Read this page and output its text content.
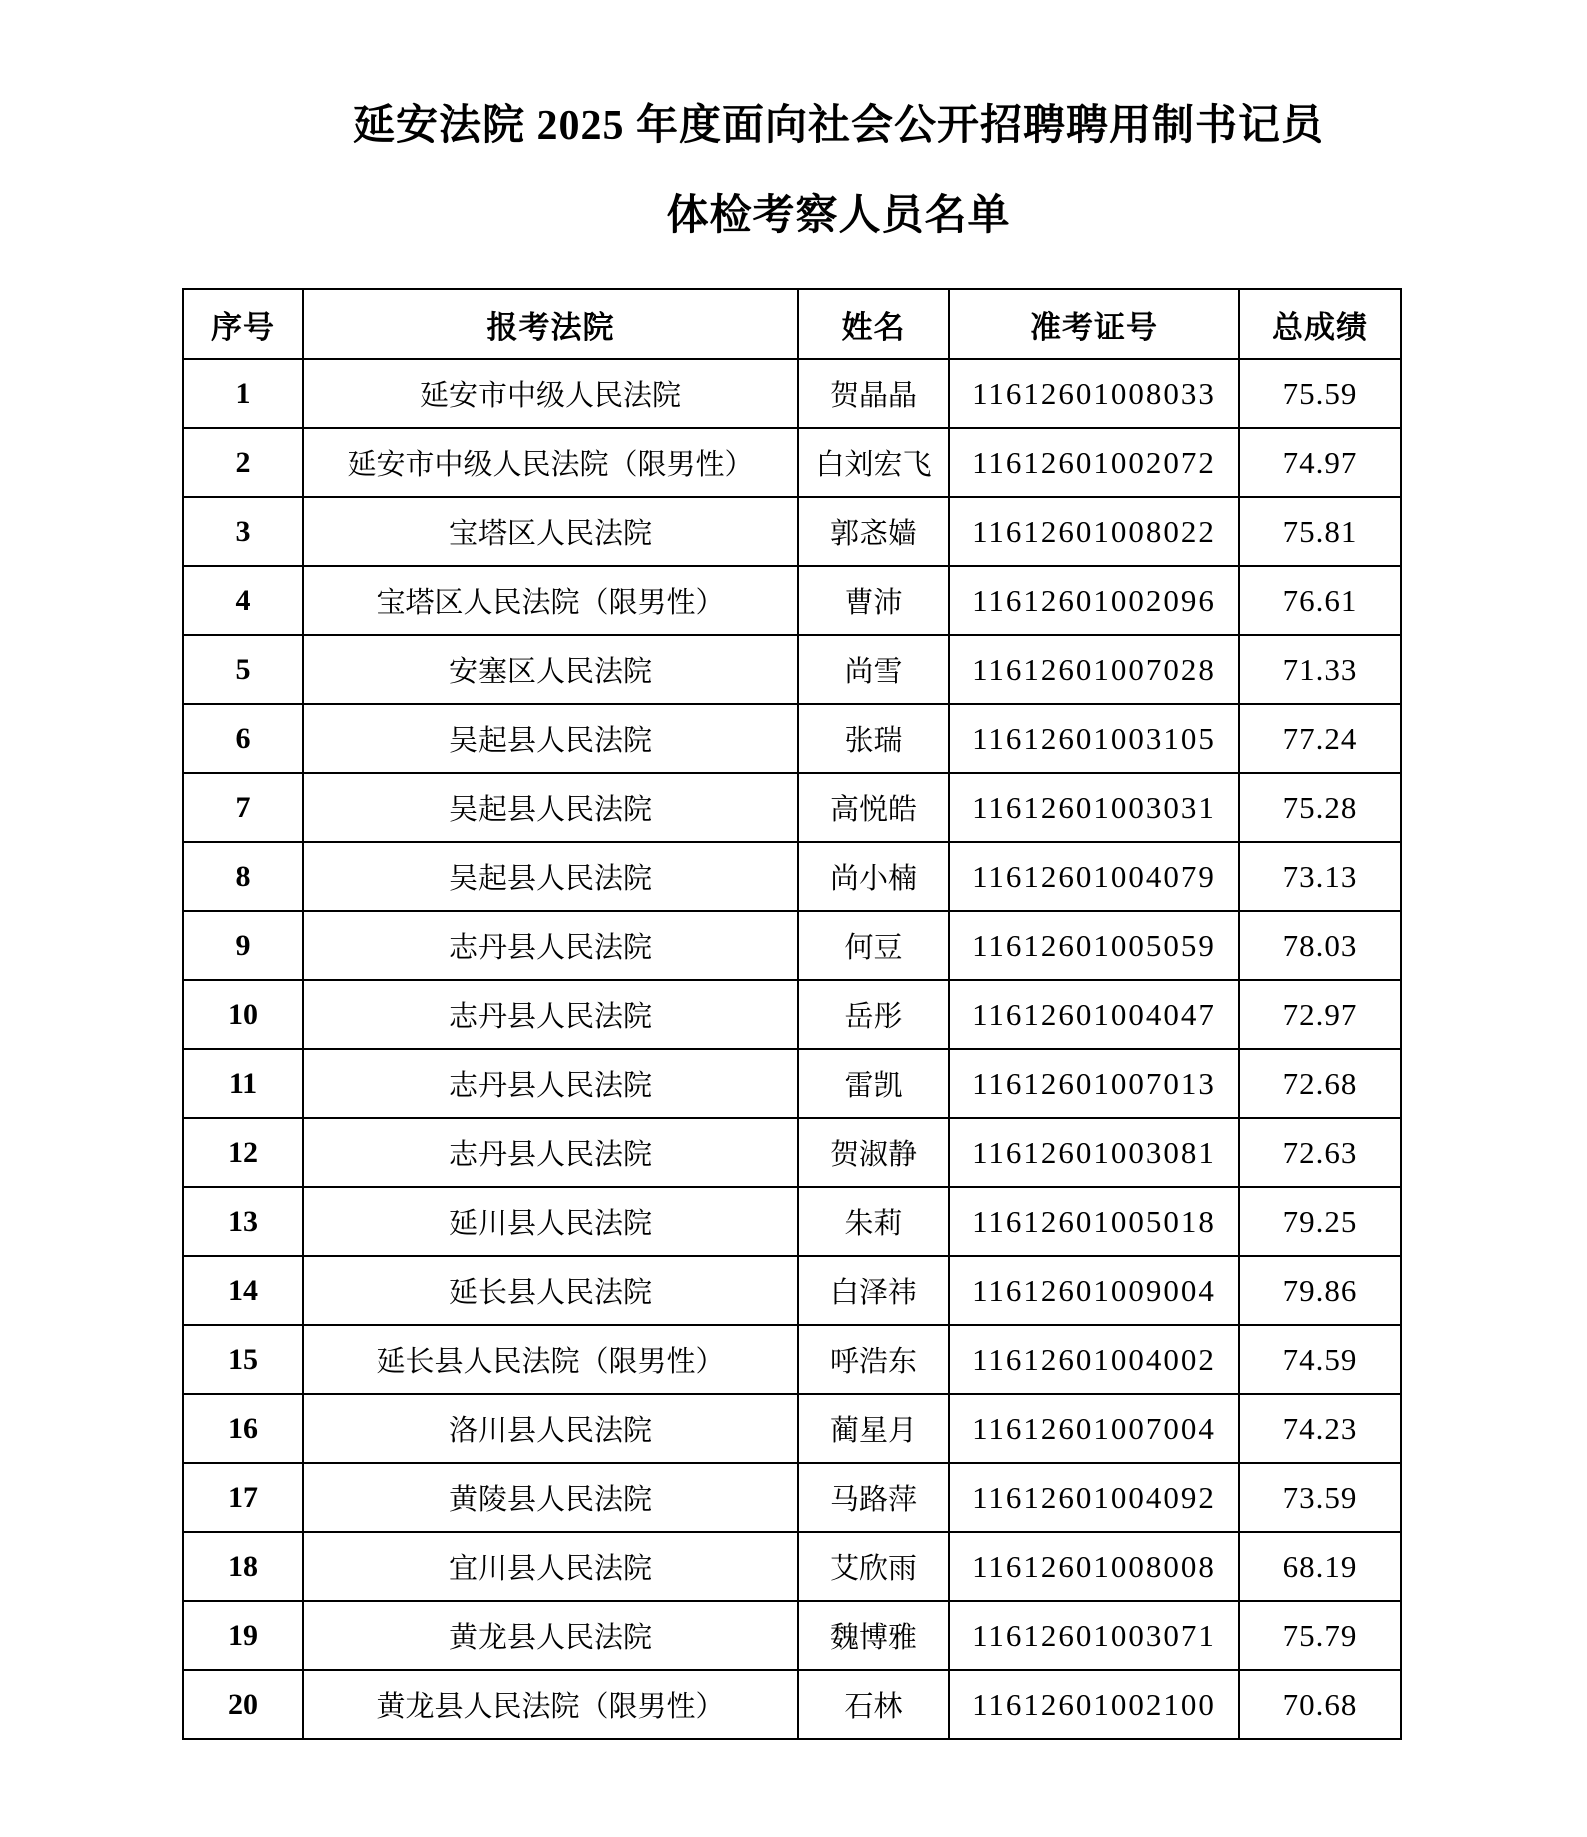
延安法院 2025 年度面向社会公开招聘聘用制书记员
体检考察人员名单
序号	报考法院	姓名	准考证号	总成绩
1	延安市中级人民法院	贺晶晶	11612601008033	75.59
2	延安市中级人民法院（限男性）	白刘宏飞	11612601002072	74.97
3	宝塔区人民法院	郭忞嫱	11612601008022	75.81
4	宝塔区人民法院（限男性）	曹沛	11612601002096	76.61
5	安塞区人民法院	尚雪	11612601007028	71.33
6	吴起县人民法院	张瑞	11612601003105	77.24
7	吴起县人民法院	高悦皓	11612601003031	75.28
8	吴起县人民法院	尚小楠	11612601004079	73.13
9	志丹县人民法院	何豆	11612601005059	78.03
10	志丹县人民法院	岳彤	11612601004047	72.97
11	志丹县人民法院	雷凯	11612601007013	72.68
12	志丹县人民法院	贺淑静	11612601003081	72.63
13	延川县人民法院	朱莉	11612601005018	79.25
14	延长县人民法院	白泽祎	11612601009004	79.86
15	延长县人民法院（限男性）	呼浩东	11612601004002	74.59
16	洛川县人民法院	蔺星月	11612601007004	74.23
17	黄陵县人民法院	马路萍	11612601004092	73.59
18	宜川县人民法院	艾欣雨	11612601008008	68.19
19	黄龙县人民法院	魏博雅	11612601003071	75.79
20	黄龙县人民法院（限男性）	石林	11612601002100	70.68
